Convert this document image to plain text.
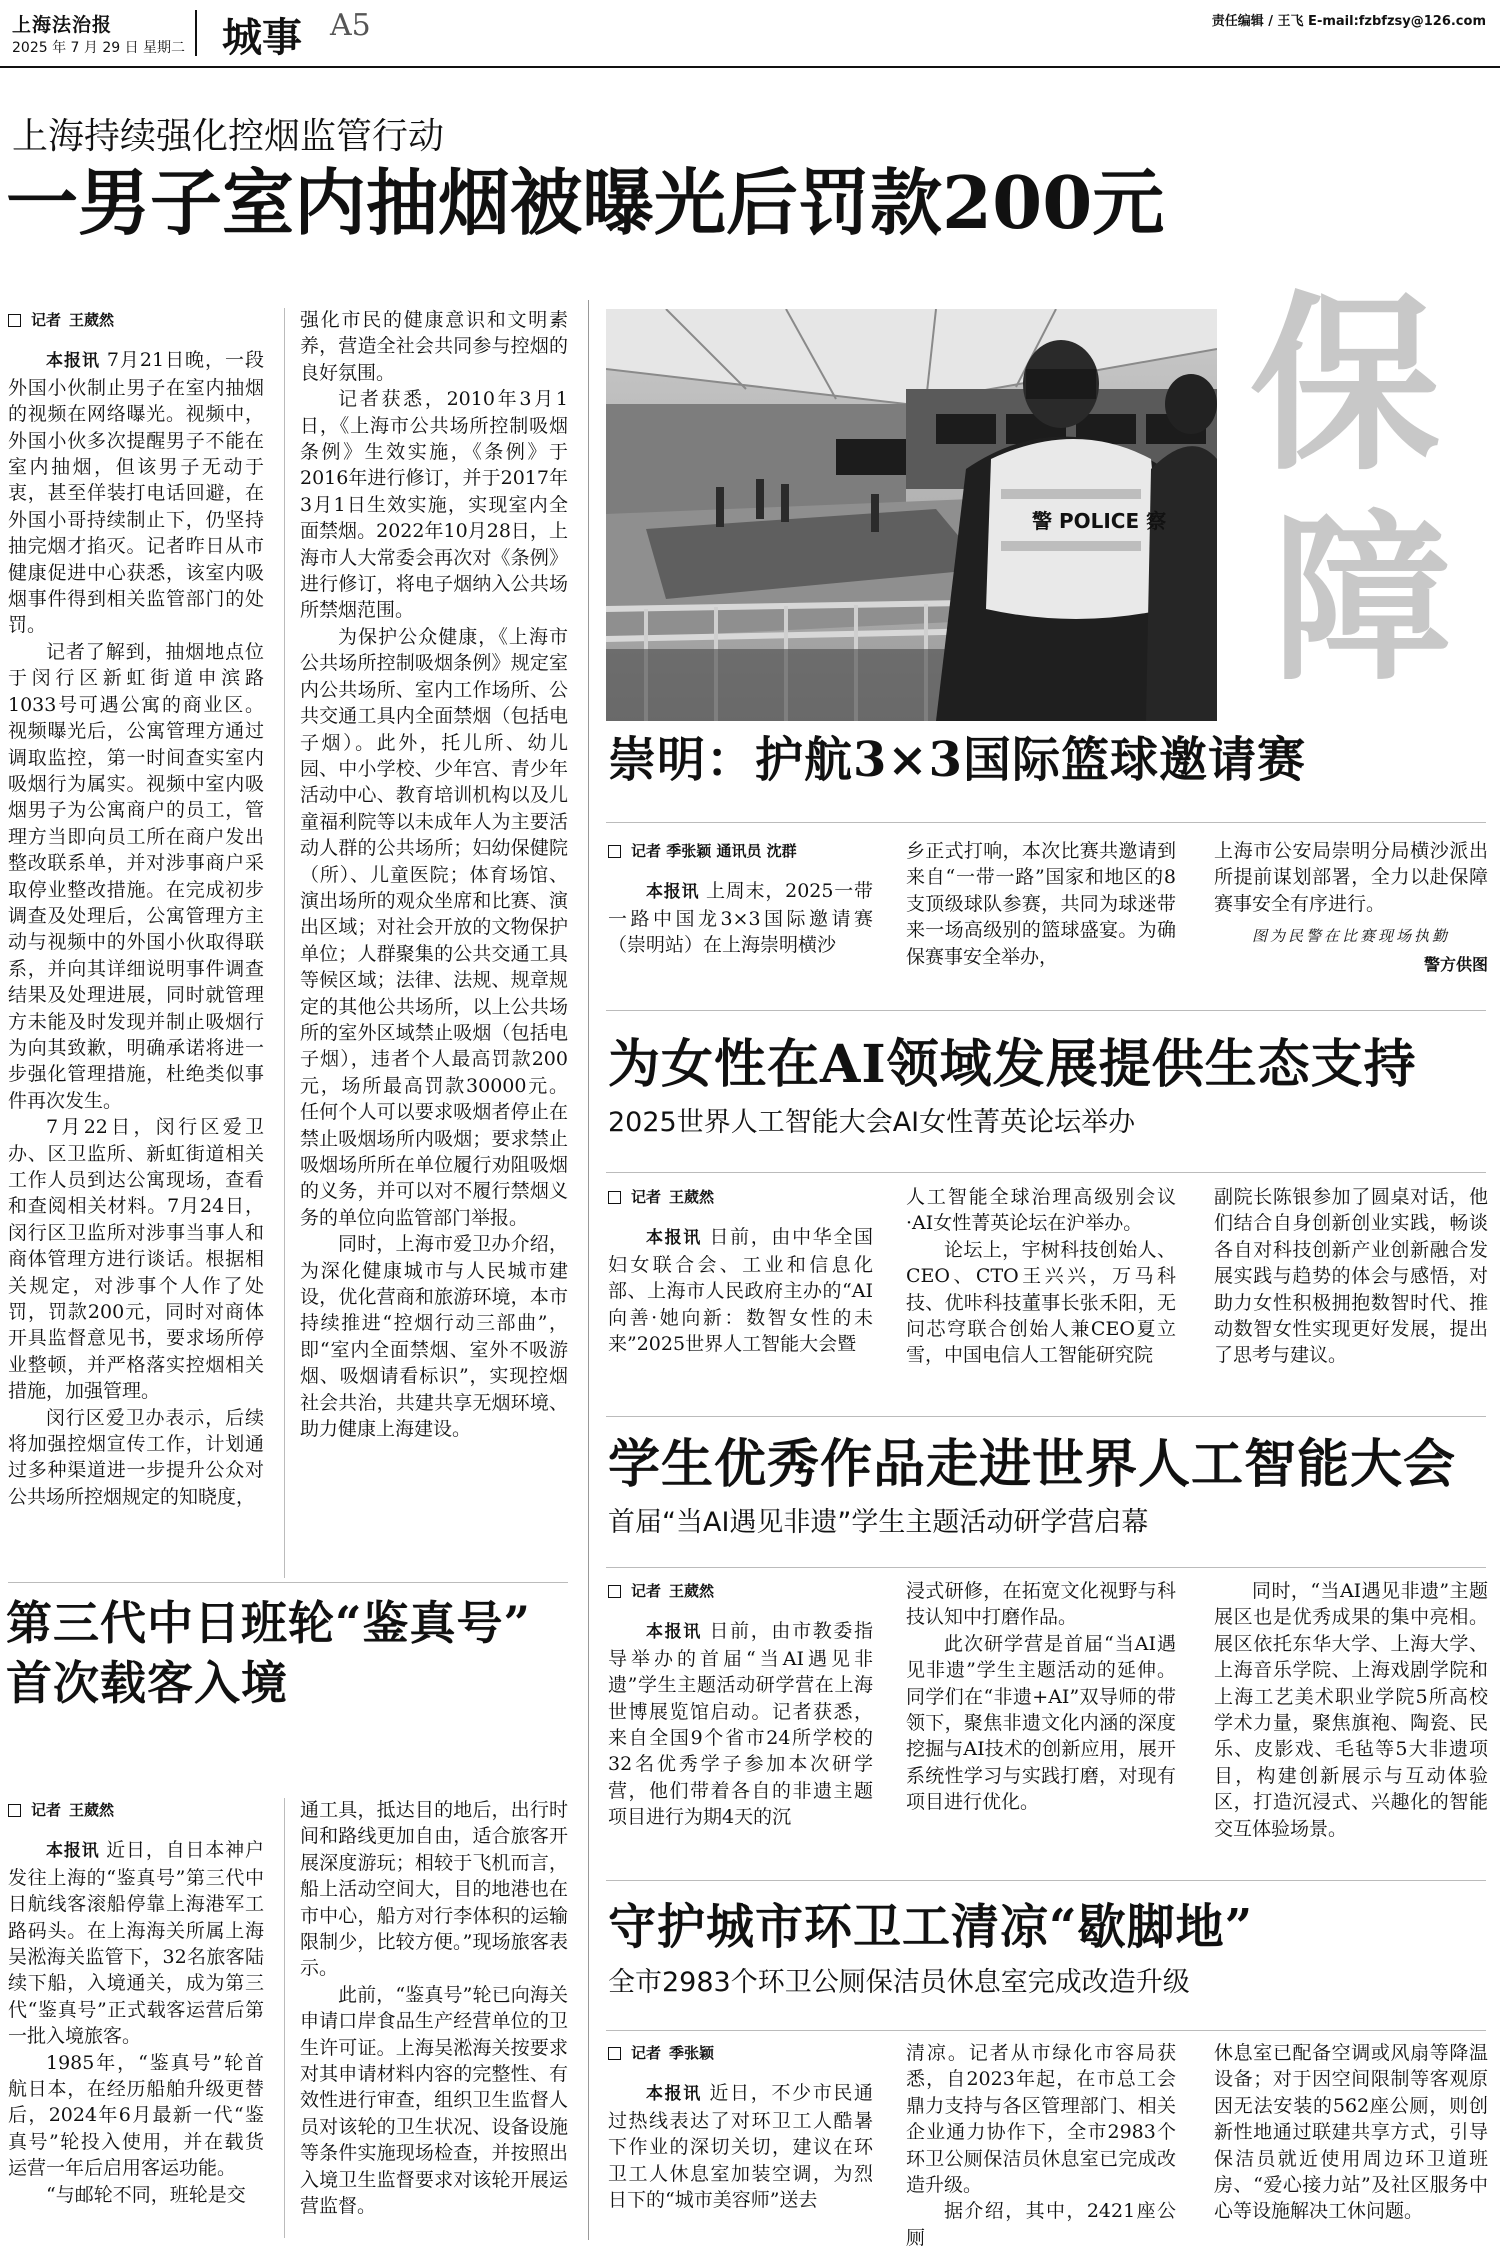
上海法治报
2025 年 7 月 29 日 星期二 城事 A5	责任编辑 / 王飞 E-mail:fzbfzsy@126.com
上海持续强化控烟监管行动
一男子室内抽烟被曝光后罚款200元
记者 王葳然

本报讯 7月21日晚，一段外国小伙制止男子在室内抽烟的视频在网络曝光。视频中，外国小伙多次提醒男子不能在室内抽烟，但该男子无动于衷，甚至佯装打电话回避，在外国小哥持续制止下，仍坚持抽完烟才掐灭。记者昨日从市健康促进中心获悉，该室内吸烟事件得到相关监管部门的处罚。

记者了解到，抽烟地点位于闵行区新虹街道申滨路1033号可遇公寓的商业区。视频曝光后，公寓管理方通过调取监控，第一时间查实室内吸烟行为属实。视频中室内吸烟男子为公寓商户的员工，管理方当即向员工所在商户发出整改联系单，并对涉事商户采取停业整改措施。在完成初步调查及处理后，公寓管理方主动与视频中的外国小伙取得联系，并向其详细说明事件调查结果及处理进展，同时就管理方未能及时发现并制止吸烟行为向其致歉，明确承诺将进一步强化管理措施，杜绝类似事件再次发生。

7月22日，闵行区爱卫办、区卫监所、新虹街道相关工作人员到达公寓现场，查看和查阅相关材料。7月24日，闵行区卫监所对涉事当事人和商体管理方进行谈话。根据相关规定，对涉事个人作了处罚，罚款200元，同时对商体开具监督意见书，要求场所停业整顿，并严格落实控烟相关措施，加强管理。

闵行区爱卫办表示，后续将加强控烟宣传工作，计划通过多种渠道进一步提升公众对公共场所控烟规定的知晓度，

强化市民的健康意识和文明素养，营造全社会共同参与控烟的良好氛围。

记者获悉，2010年3月1日，《上海市公共场所控制吸烟条例》生效实施，《条例》于2016年进行修订，并于2017年3月1日生效实施，实现室内全面禁烟。2022年10月28日，上海市人大常委会再次对《条例》进行修订，将电子烟纳入公共场所禁烟范围。

为保护公众健康，《上海市公共场所控制吸烟条例》规定室内公共场所、室内工作场所、公共交通工具内全面禁烟（包括电子烟）。此外，托儿所、幼儿园、中小学校、少年宫、青少年活动中心、教育培训机构以及儿童福利院等以未成年人为主要活动人群的公共场所；妇幼保健院（所）、儿童医院；体育场馆、演出场所的观众坐席和比赛、演出区域；对社会开放的文物保护单位；人群聚集的公共交通工具等候区域；法律、法规、规章规定的其他公共场所，以上公共场所的室外区域禁止吸烟（包括电子烟），违者个人最高罚款200元，场所最高罚款30000元。任何个人可以要求吸烟者停止在禁止吸烟场所内吸烟；要求禁止吸烟场所所在单位履行劝阻吸烟的义务，并可以对不履行禁烟义务的单位向监管部门举报。

同时，上海市爱卫办介绍，为深化健康城市与人民城市建设，优化营商和旅游环境，本市持续推进“控烟行动三部曲”，即“室内全面禁烟、室外不吸游烟、吸烟请看标识”，实现控烟社会共治，共建共享无烟环境、助力健康上海建设。

第三代中日班轮“鉴真号”
首次载客入境
记者 王葳然

本报讯 近日，自日本神户发往上海的“鉴真号”第三代中日航线客滚船停靠上海港军工路码头。在上海海关所属上海吴淞海关监管下，32名旅客陆续下船，入境通关，成为第三代“鉴真号”正式载客运营后第一批入境旅客。

1985年，“鉴真号”轮首航日本，在经历船舶升级更替后，2024年6月最新一代“鉴真号”轮投入使用，并在载货运营一年后启用客运功能。

“与邮轮不同，班轮是交

通工具，抵达目的地后，出行时间和路线更加自由，适合旅客开展深度游玩；相较于飞机而言，船上活动空间大，目的地港也在市中心，船方对行李体积的运输限制少，比较方便。”现场旅客表示。

此前，“鉴真号”轮已向海关申请口岸食品生产经营单位的卫生许可证。上海吴淞海关按要求对其申请材料内容的完整性、有效性进行审查，组织卫生监督人员对该轮的卫生状况、设备设施等条件实施现场检查，并按照出入境卫生监督要求对该轮开展运营监督。

警 POLICE 察
保
障
崇明：护航3×3国际篮球邀请赛
记者 季张颖 通讯员 沈群

本报讯 上周末，2025一带一路中国龙3×3国际邀请赛（崇明站）在上海崇明横沙

乡正式打响，本次比赛共邀请到来自“一带一路”国家和地区的8支顶级球队参赛，共同为球迷带来一场高级别的篮球盛宴。为确保赛事安全举办，

上海市公安局崇明分局横沙派出所提前谋划部署，全力以赴保障赛事安全有序进行。

图为民警在比赛现场执勤
警方供图
为女性在AI领域发展提供生态支持
2025世界人工智能大会AI女性菁英论坛举办
记者 王葳然

本报讯 日前，由中华全国妇女联合会、工业和信息化部、上海市人民政府主办的“AI向善·她向新：数智女性的未来”2025世界人工智能大会暨

人工智能全球治理高级别会议·AI女性菁英论坛在沪举办。

论坛上，宇树科技创始人、CEO、CTO王兴兴，万马科技、优咔科技董事长张禾阳，无问芯穹联合创始人兼CEO夏立雪，中国电信人工智能研究院

副院长陈银参加了圆桌对话，他们结合自身创新创业实践，畅谈各自对科技创新产业创新融合发展实践与趋势的体会与感悟，对助力女性积极拥抱数智时代、推动数智女性实现更好发展，提出了思考与建议。

学生优秀作品走进世界人工智能大会
首届“当AI遇见非遗”学生主题活动研学营启幕
记者 王葳然

本报讯 日前，由市教委指导举办的首届“当AI遇见非遗”学生主题活动研学营在上海世博展览馆启动。记者获悉，来自全国9个省市24所学校的32名优秀学子参加本次研学营，他们带着各自的非遗主题项目进行为期4天的沉

浸式研修，在拓宽文化视野与科技认知中打磨作品。

此次研学营是首届“当AI遇见非遗”学生主题活动的延伸。同学们在“非遗+AI”双导师的带领下，聚焦非遗文化内涵的深度挖掘与AI技术的创新应用，展开系统性学习与实践打磨，对现有项目进行优化。

同时，“当AI遇见非遗”主题展区也是优秀成果的集中亮相。展区依托东华大学、上海大学、上海音乐学院、上海戏剧学院和上海工艺美术职业学院5所高校学术力量，聚焦旗袍、陶瓷、民乐、皮影戏、毛毡等5大非遗项目，构建创新展示与互动体验区，打造沉浸式、兴趣化的智能交互体验场景。

守护城市环卫工清凉“歇脚地”
全市2983个环卫公厕保洁员休息室完成改造升级
记者 季张颖

本报讯 近日，不少市民通过热线表达了对环卫工人酷暑下作业的深切关切，建议在环卫工人休息室加装空调，为烈日下的“城市美容师”送去

清凉。记者从市绿化市容局获悉，自2023年起，在市总工会鼎力支持与各区管理部门、相关企业通力协作下，全市2983个环卫公厕保洁员休息室已完成改造升级。

据介绍，其中，2421座公厕

休息室已配备空调或风扇等降温设备；对于因空间限制等客观原因无法安装的562座公厕，则创新性地通过联建共享方式，引导保洁员就近使用周边环卫道班房、“爱心接力站”及社区服务中心等设施解决工休问题。
